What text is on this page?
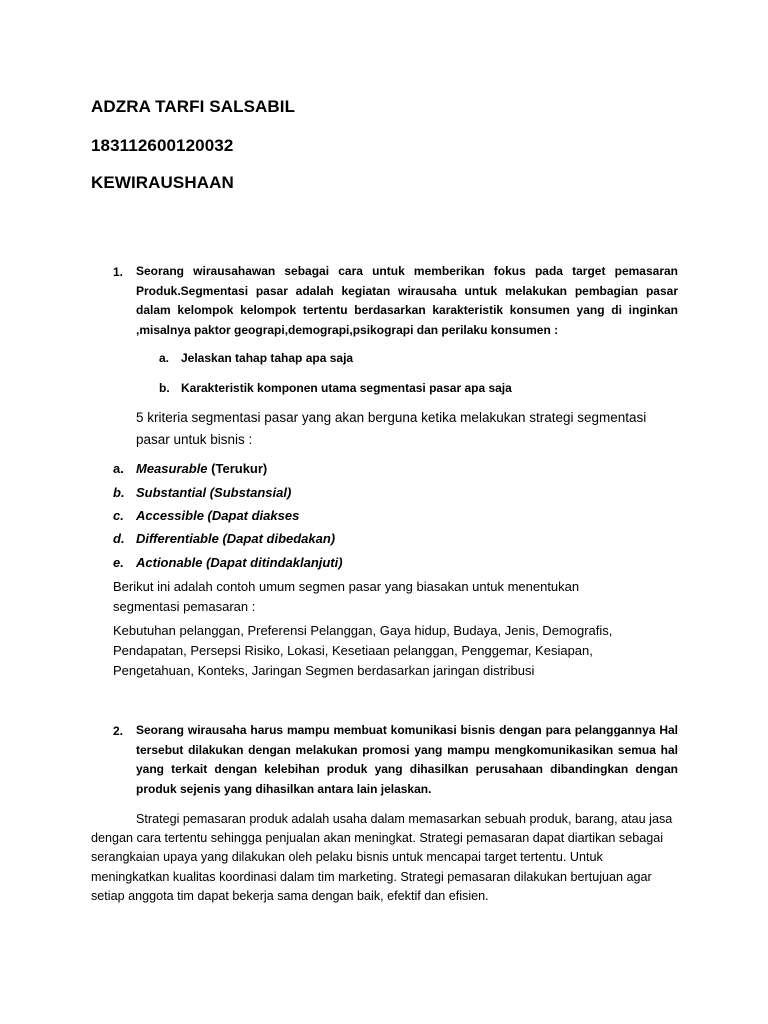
ADZRA TARFI SALSABIL
183112600120032
KEWIRAUSHAAN
1. Seorang wirausahawan sebagai cara untuk memberikan fokus pada target pemasaran Produk.Segmentasi pasar adalah kegiatan wirausaha untuk melakukan pembagian pasar dalam kelompok kelompok tertentu berdasarkan karakteristik konsumen yang di inginkan ,misalnya paktor geograpi,demograpi,psikograpi dan perilaku konsumen :
a. Jelaskan tahap tahap apa saja
b. Karakteristik komponen utama segmentasi pasar apa saja
5 kriteria segmentasi pasar yang akan berguna ketika melakukan strategi segmentasi
pasar untuk bisnis :
a. Measurable (Terukur)
b. Substantial (Substansial)
c. Accessible (Dapat diakses
d. Differentiable (Dapat dibedakan)
e. Actionable (Dapat ditindaklanjuti)
Berikut ini adalah contoh umum segmen pasar yang biasakan untuk menentukan
segmentasi pemasaran :
Kebutuhan pelanggan, Preferensi Pelanggan, Gaya hidup, Budaya, Jenis, Demografis,
Pendapatan, Persepsi Risiko, Lokasi, Kesetiaan pelanggan, Penggemar, Kesiapan,
Pengetahuan, Konteks, Jaringan Segmen berdasarkan jaringan distribusi
2. Seorang wirausaha harus mampu membuat komunikasi bisnis dengan para pelanggannya Hal tersebut dilakukan dengan melakukan promosi yang mampu mengkomunikasikan semua hal yang terkait dengan kelebihan produk yang dihasilkan perusahaan dibandingkan dengan produk sejenis yang dihasilkan antara lain jelaskan.
Strategi pemasaran produk adalah usaha dalam memasarkan sebuah produk, barang, atau jasa dengan cara tertentu sehingga penjualan akan meningkat. Strategi pemasaran dapat diartikan sebagai serangkaian upaya yang dilakukan oleh pelaku bisnis untuk mencapai target tertentu. Untuk meningkatkan kualitas koordinasi dalam tim marketing. Strategi pemasaran dilakukan bertujuan agar setiap anggota tim dapat bekerja sama dengan baik, efektif dan efisien.
